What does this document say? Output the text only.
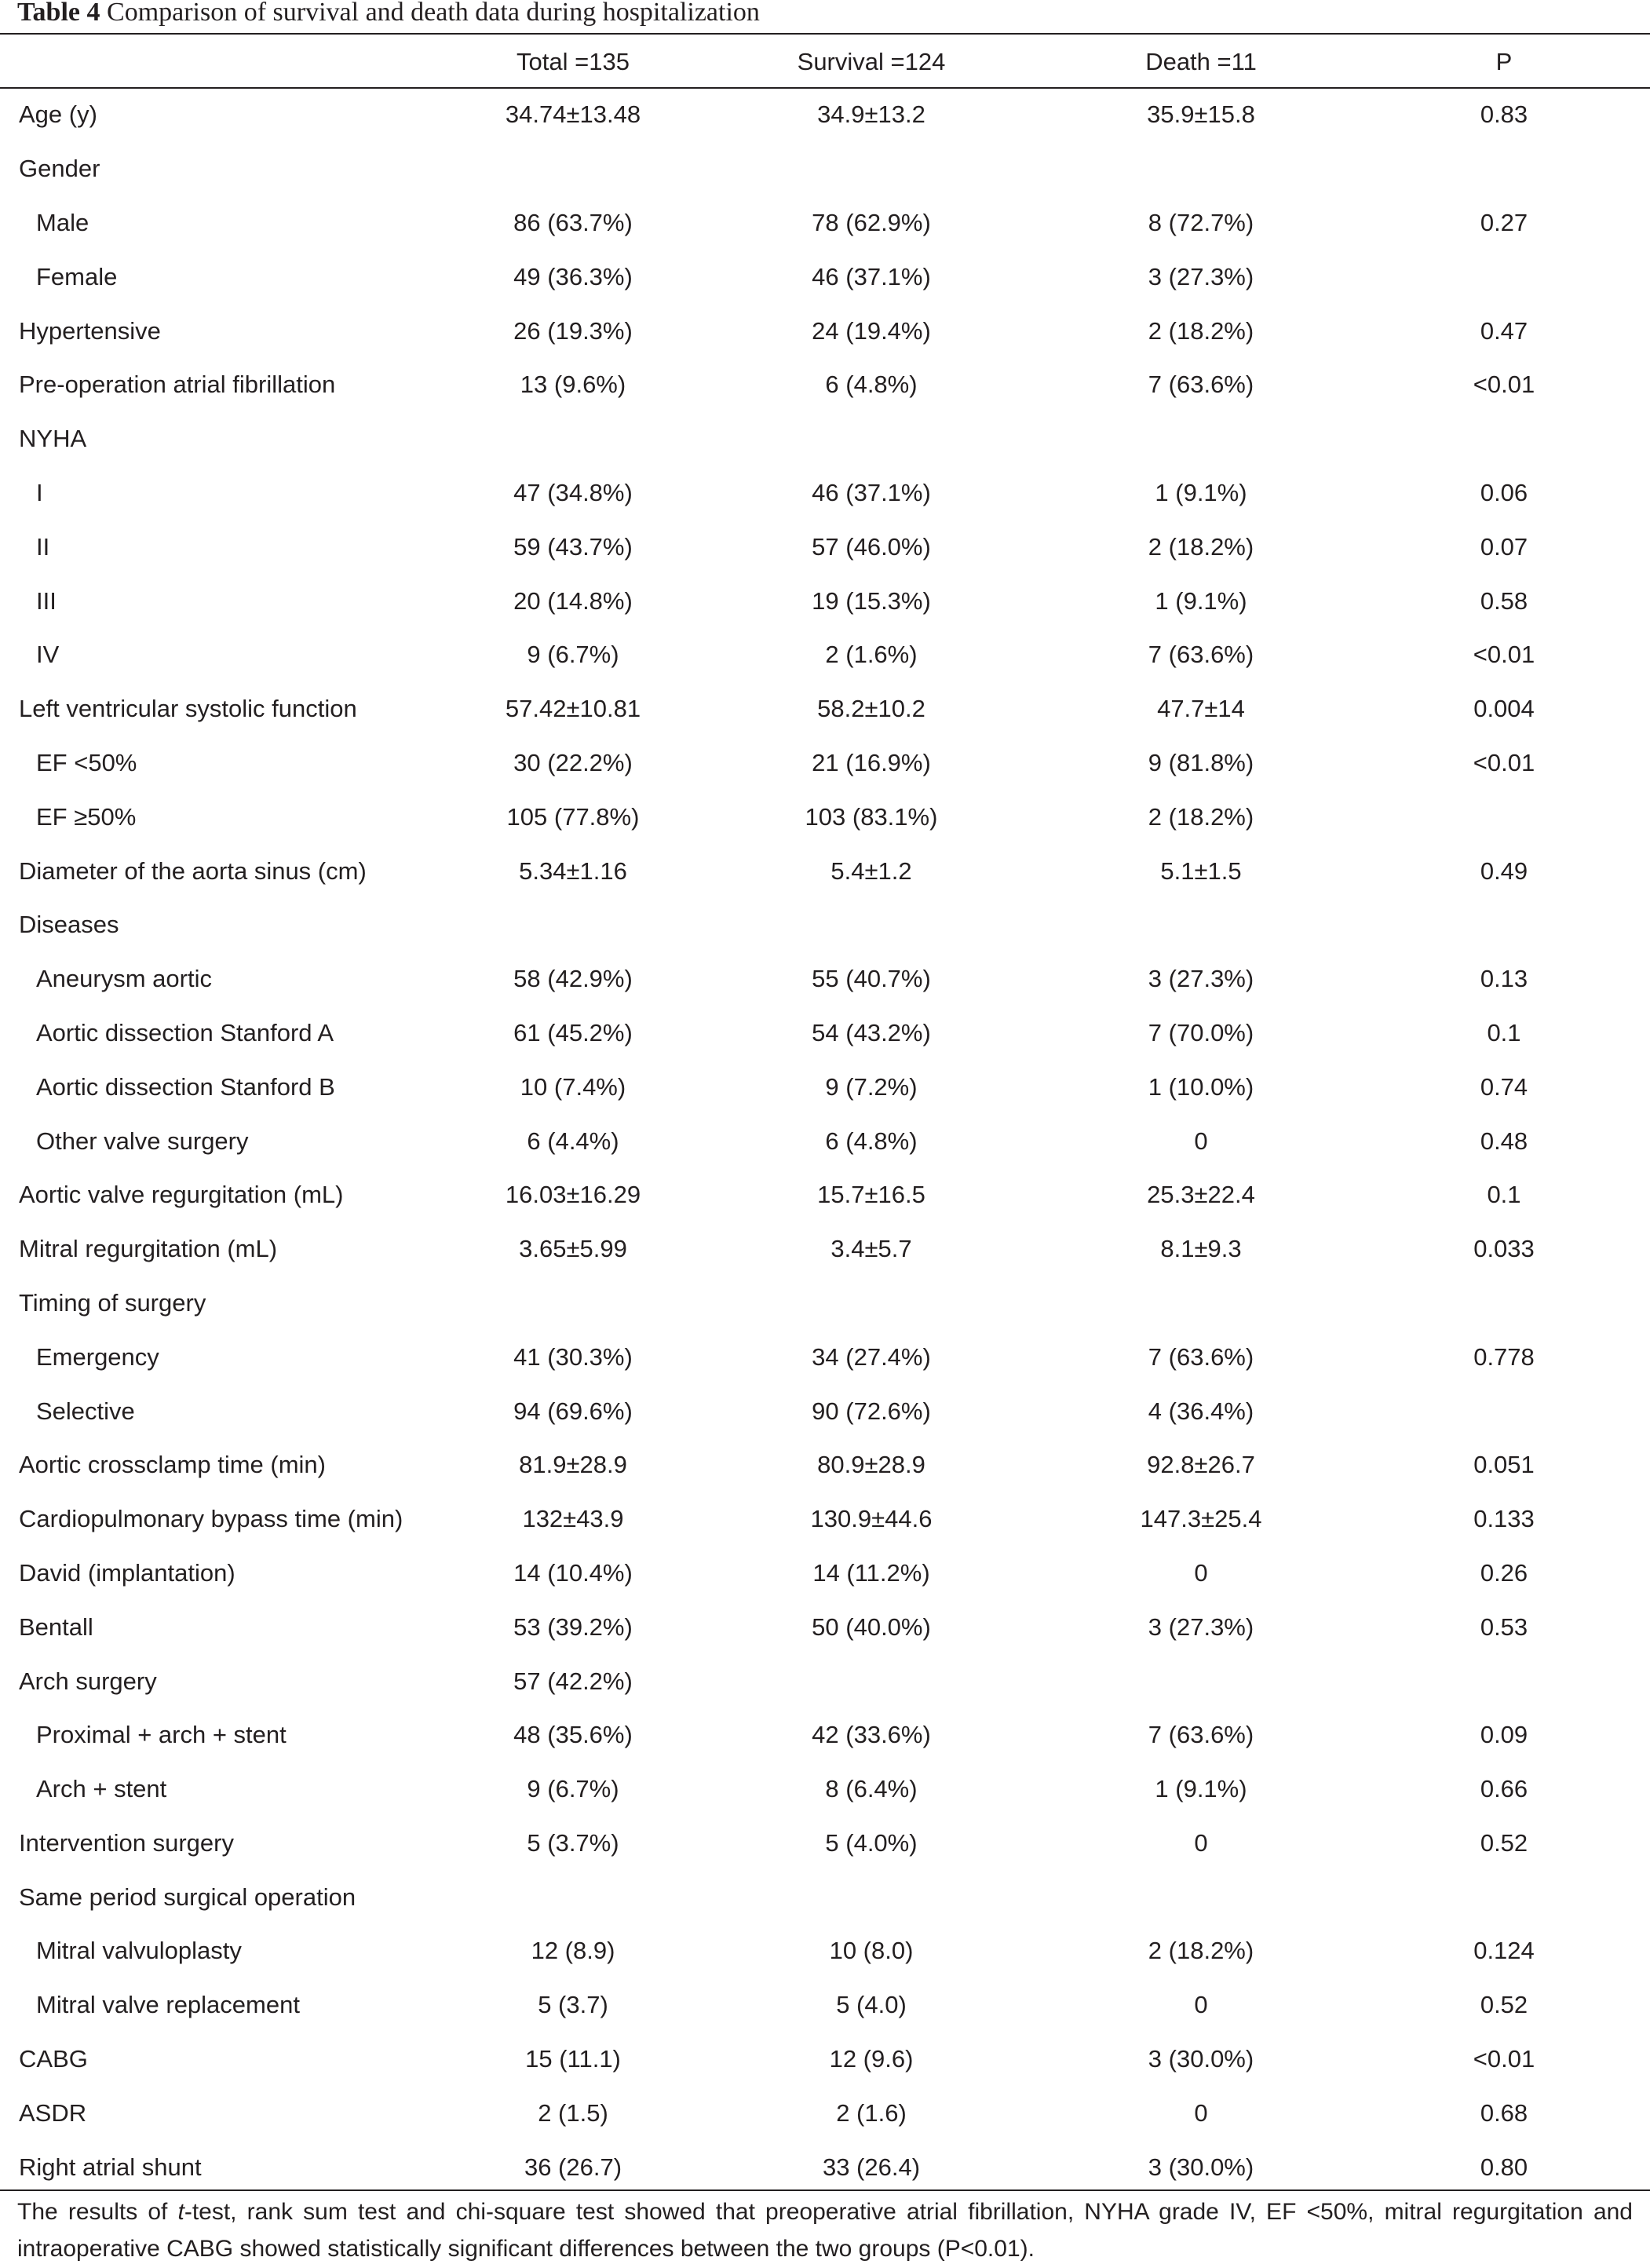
Table 4 Comparison of survival and death data during hospitalization
	Total =135	Survival =124	Death =11	P
Age (y)	34.74±13.48	34.9±13.2	35.9±15.8	0.83
Gender				
Male	86 (63.7%)	78 (62.9%)	8 (72.7%)	0.27
Female	49 (36.3%)	46 (37.1%)	3 (27.3%)	
Hypertensive	26 (19.3%)	24 (19.4%)	2 (18.2%)	0.47
Pre-operation atrial fibrillation	13 (9.6%)	6 (4.8%)	7 (63.6%)	<0.01
NYHA				
I	47 (34.8%)	46 (37.1%)	1 (9.1%)	0.06
II	59 (43.7%)	57 (46.0%)	2 (18.2%)	0.07
III	20 (14.8%)	19 (15.3%)	1 (9.1%)	0.58
IV	9 (6.7%)	2 (1.6%)	7 (63.6%)	<0.01
Left ventricular systolic function	57.42±10.81	58.2±10.2	47.7±14	0.004
EF <50%	30 (22.2%)	21 (16.9%)	9 (81.8%)	<0.01
EF ≥50%	105 (77.8%)	103 (83.1%)	2 (18.2%)	
Diameter of the aorta sinus (cm)	5.34±1.16	5.4±1.2	5.1±1.5	0.49
Diseases				
Aneurysm aortic	58 (42.9%)	55 (40.7%)	3 (27.3%)	0.13
Aortic dissection Stanford A	61 (45.2%)	54 (43.2%)	7 (70.0%)	0.1
Aortic dissection Stanford B	10 (7.4%)	9 (7.2%)	1 (10.0%)	0.74
Other valve surgery	6 (4.4%)	6 (4.8%)	0	0.48
Aortic valve regurgitation (mL)	16.03±16.29	15.7±16.5	25.3±22.4	0.1
Mitral regurgitation (mL)	3.65±5.99	3.4±5.7	8.1±9.3	0.033
Timing of surgery				
Emergency	41 (30.3%)	34 (27.4%)	7 (63.6%)	0.778
Selective	94 (69.6%)	90 (72.6%)	4 (36.4%)	
Aortic crossclamp time (min)	81.9±28.9	80.9±28.9	92.8±26.7	0.051
Cardiopulmonary bypass time (min)	132±43.9	130.9±44.6	147.3±25.4	0.133
David (implantation)	14 (10.4%)	14 (11.2%)	0	0.26
Bentall	53 (39.2%)	50 (40.0%)	3 (27.3%)	0.53
Arch surgery	57 (42.2%)			
Proximal + arch + stent	48 (35.6%)	42 (33.6%)	7 (63.6%)	0.09
Arch + stent	9 (6.7%)	8 (6.4%)	1 (9.1%)	0.66
Intervention surgery	5 (3.7%)	5 (4.0%)	0	0.52
Same period surgical operation				
Mitral valvuloplasty	12 (8.9)	10 (8.0)	2 (18.2%)	0.124
Mitral valve replacement	5 (3.7)	5 (4.0)	0	0.52
CABG	15 (11.1)	12 (9.6)	3 (30.0%)	<0.01
ASDR	2 (1.5)	2 (1.6)	0	0.68
Right atrial shunt	36 (26.7)	33 (26.4)	3 (30.0%)	0.80
The results of t-test, rank sum test and chi-square test showed that preoperative atrial fibrillation, NYHA grade IV, EF <50%, mitral regurgitation and intraoperative CABG showed statistically significant differences between the two groups (P<0.01).
